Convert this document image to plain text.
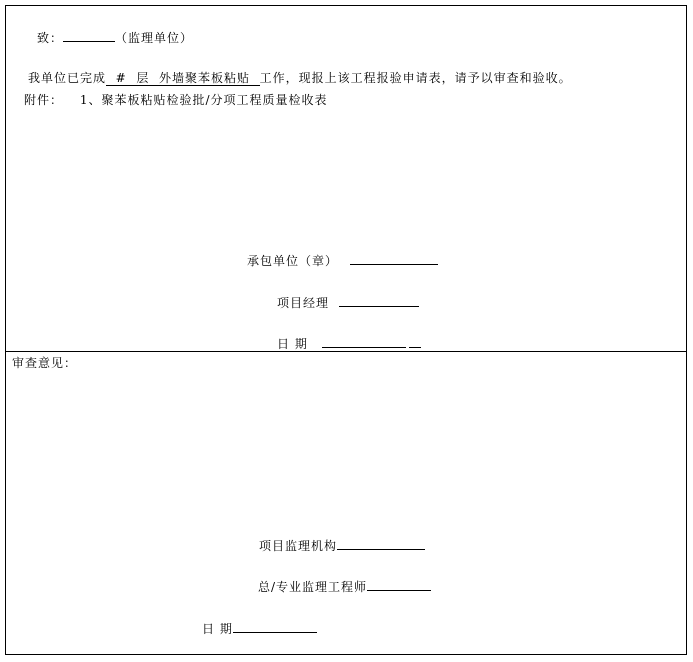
致：	（监理单位）
我单位已完成  #  层  外墙聚苯板粘贴  工作，现报上该工程报验申请表，请予以审查和验收。
附件： 1、聚苯板粘贴检验批/分项工程质量检收表
承包单位（章）
项目经理
日 期
审查意见：
项目监理机构
总/专业监理工程师
日 期
